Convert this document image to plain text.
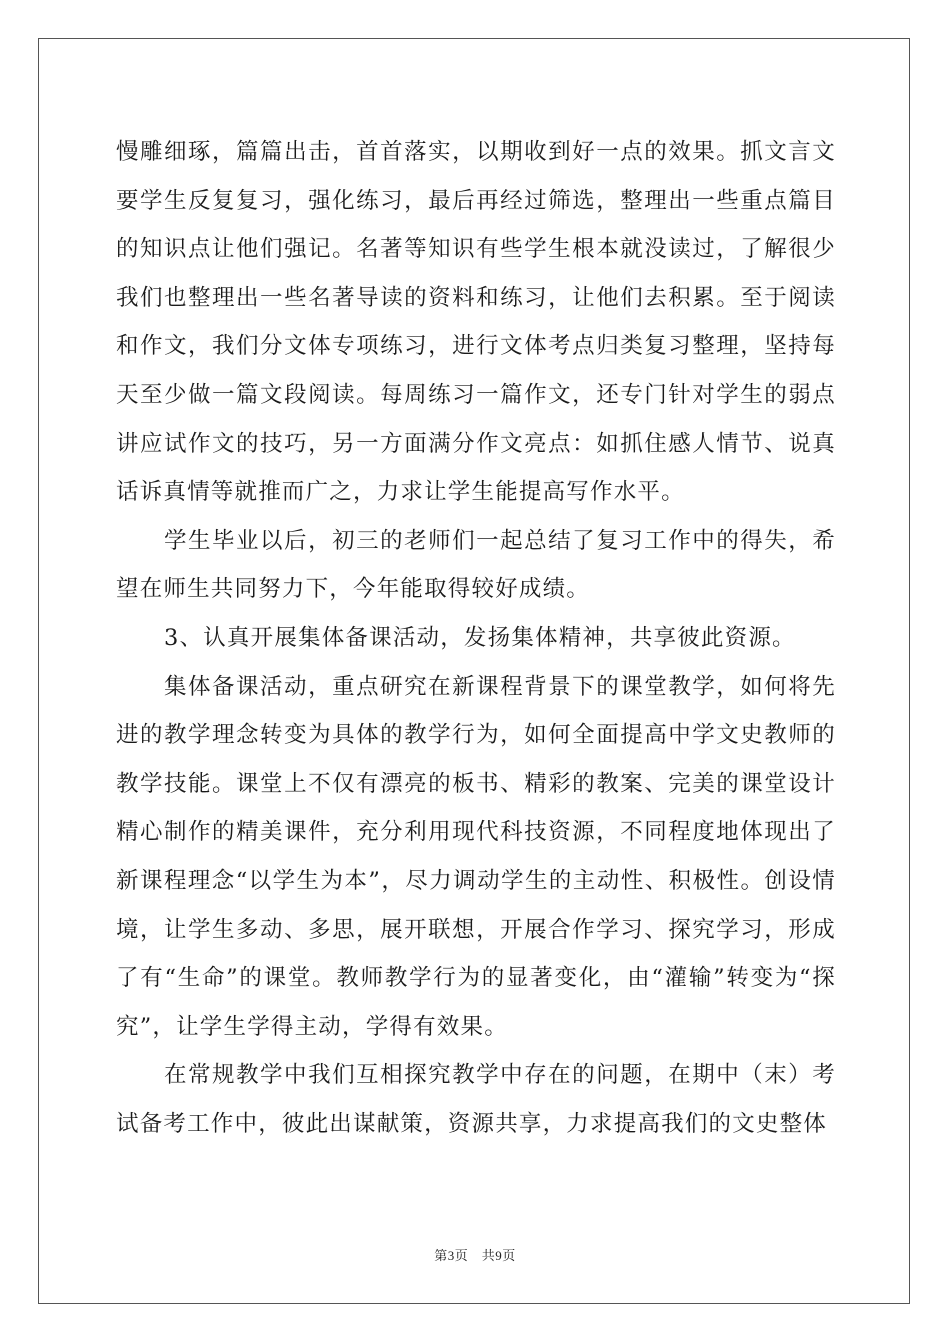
慢雕细琢，篇篇出击，首首落实，以期收到好一点的效果。抓文言文要学生反复复习，强化练习，最后再经过筛选，整理出一些重点篇目的知识点让他们强记。名著等知识有些学生根本就没读过，了解很少我们也整理出一些名著导读的资料和练习，让他们去积累。至于阅读和作文，我们分文体专项练习，进行文体考点归类复习整理，坚持每天至少做一篇文段阅读。每周练习一篇作文，还专门针对学生的弱点讲应试作文的技巧，另一方面满分作文亮点：如抓住感人情节、说真话诉真情等就推而广之，力求让学生能提高写作水平。

学生毕业以后，初三的老师们一起总结了复习工作中的得失，希望在师生共同努力下，今年能取得较好成绩。

3、认真开展集体备课活动，发扬集体精神，共享彼此资源。

集体备课活动，重点研究在新课程背景下的课堂教学，如何将先进的教学理念转变为具体的教学行为，如何全面提高中学文史教师的教学技能。课堂上不仅有漂亮的板书、精彩的教案、完美的课堂设计精心制作的精美课件，充分利用现代科技资源，不同程度地体现出了新课程理念“以学生为本”，尽力调动学生的主动性、积极性。创设情境，让学生多动、多思，展开联想，开展合作学习、探究学习，形成了有“生命”的课堂。教师教学行为的显著变化，由“灌输”转变为“探究”，让学生学得主动，学得有效果。

在常规教学中我们互相探究教学中存在的问题，在期中（末）考试备考工作中，彼此出谋献策，资源共享，力求提高我们的文史整体

第3页　共9页
